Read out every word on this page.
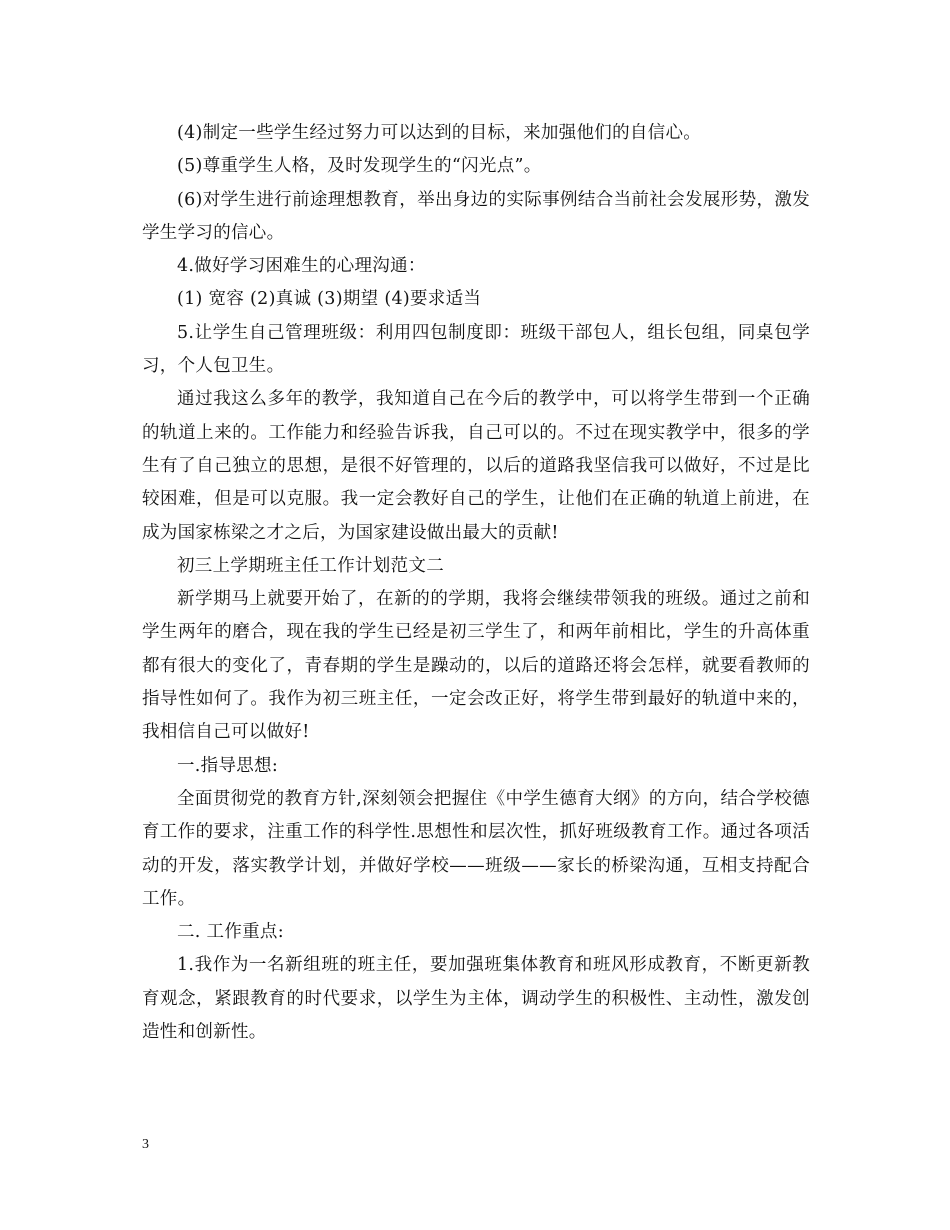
(4)制定一些学生经过努力可以达到的目标，来加强他们的自信心。

(5)尊重学生人格，及时发现学生的“闪光点”。

(6)对学生进行前途理想教育，举出身边的实际事例结合当前社会发展形势，激发学生学习的信心。

4.做好学习困难生的心理沟通：

(1) 宽容 (2)真诚 (3)期望 (4)要求适当

5.让学生自己管理班级：利用四包制度即：班级干部包人，组长包组，同桌包学习，个人包卫生。

通过我这么多年的教学，我知道自己在今后的教学中，可以将学生带到一个正确的轨道上来的。工作能力和经验告诉我，自己可以的。不过在现实教学中，很多的学生有了自己独立的思想，是很不好管理的，以后的道路我坚信我可以做好，不过是比较困难，但是可以克服。我一定会教好自己的学生，让他们在正确的轨道上前进，在成为国家栋梁之才之后，为国家建设做出最大的贡献!

初三上学期班主任工作计划范文二

新学期马上就要开始了，在新的的学期，我将会继续带领我的班级。通过之前和学生两年的磨合，现在我的学生已经是初三学生了，和两年前相比，学生的升高体重都有很大的变化了，青春期的学生是躁动的，以后的道路还将会怎样，就要看教师的指导性如何了。我作为初三班主任，一定会改正好，将学生带到最好的轨道中来的，我相信自己可以做好!

一.指导思想:

全面贯彻党的教育方针,深刻领会把握住《中学生德育大纲》的方向，结合学校德育工作的要求，注重工作的科学性.思想性和层次性，抓好班级教育工作。通过各项活动的开发，落实教学计划，并做好学校——班级——家长的桥梁沟通，互相支持配合工作。

二. 工作重点:

1.我作为一名新组班的班主任，要加强班集体教育和班风形成教育，不断更新教育观念，紧跟教育的时代要求，以学生为主体，调动学生的积极性、主动性，激发创造性和创新性。

3
